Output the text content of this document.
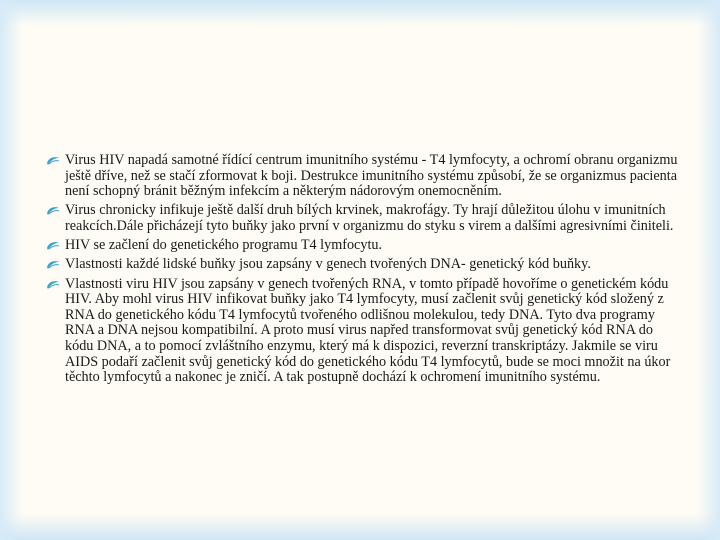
Virus HIV napadá samotné řídící centrum imunitního systému - T4 lymfocyty, a ochromí obranu organizmu ještě dříve, než se stačí zformovat k boji. Destrukce imunitního systému způsobí, že se organizmus pacienta není schopný bránit běžným infekcím a některým nádorovým onemocněním.
Virus chronicky infikuje ještě další druh bílých krvinek, makrofágy. Ty hrají důležitou úlohu v imunitních reakcích.Dále přicházejí tyto buňky jako první v organizmu do styku s virem a dalšími agresivními činiteli.
HIV se začlení do genetického programu T4 lymfocytu.
Vlastnosti každé lidské buňky jsou zapsány v genech tvořených DNA- genetický kód buňky.
Vlastnosti viru HIV jsou zapsány v genech tvořených RNA, v tomto případě hovoříme o genetickém kódu HIV. Aby mohl virus HIV infikovat buňky jako T4 lymfocyty, musí začlenit svůj genetický kód složený z RNA do genetického kódu T4 lymfocytů tvořeného odlišnou molekulou, tedy DNA. Tyto dva programy RNA a DNA nejsou kompatibilní. A proto musí virus napřed transformovat svůj genetický kód RNA do kódu DNA, a to pomocí zvláštního enzymu, který má k dispozici, reverzní transkriptázy. Jakmile se viru AIDS podaří začlenit svůj genetický kód do genetického kódu T4 lymfocytů, bude se moci množit na úkor těchto lymfocytů a nakonec je zničí. A tak postupně dochází k ochromení imunitního systému.
